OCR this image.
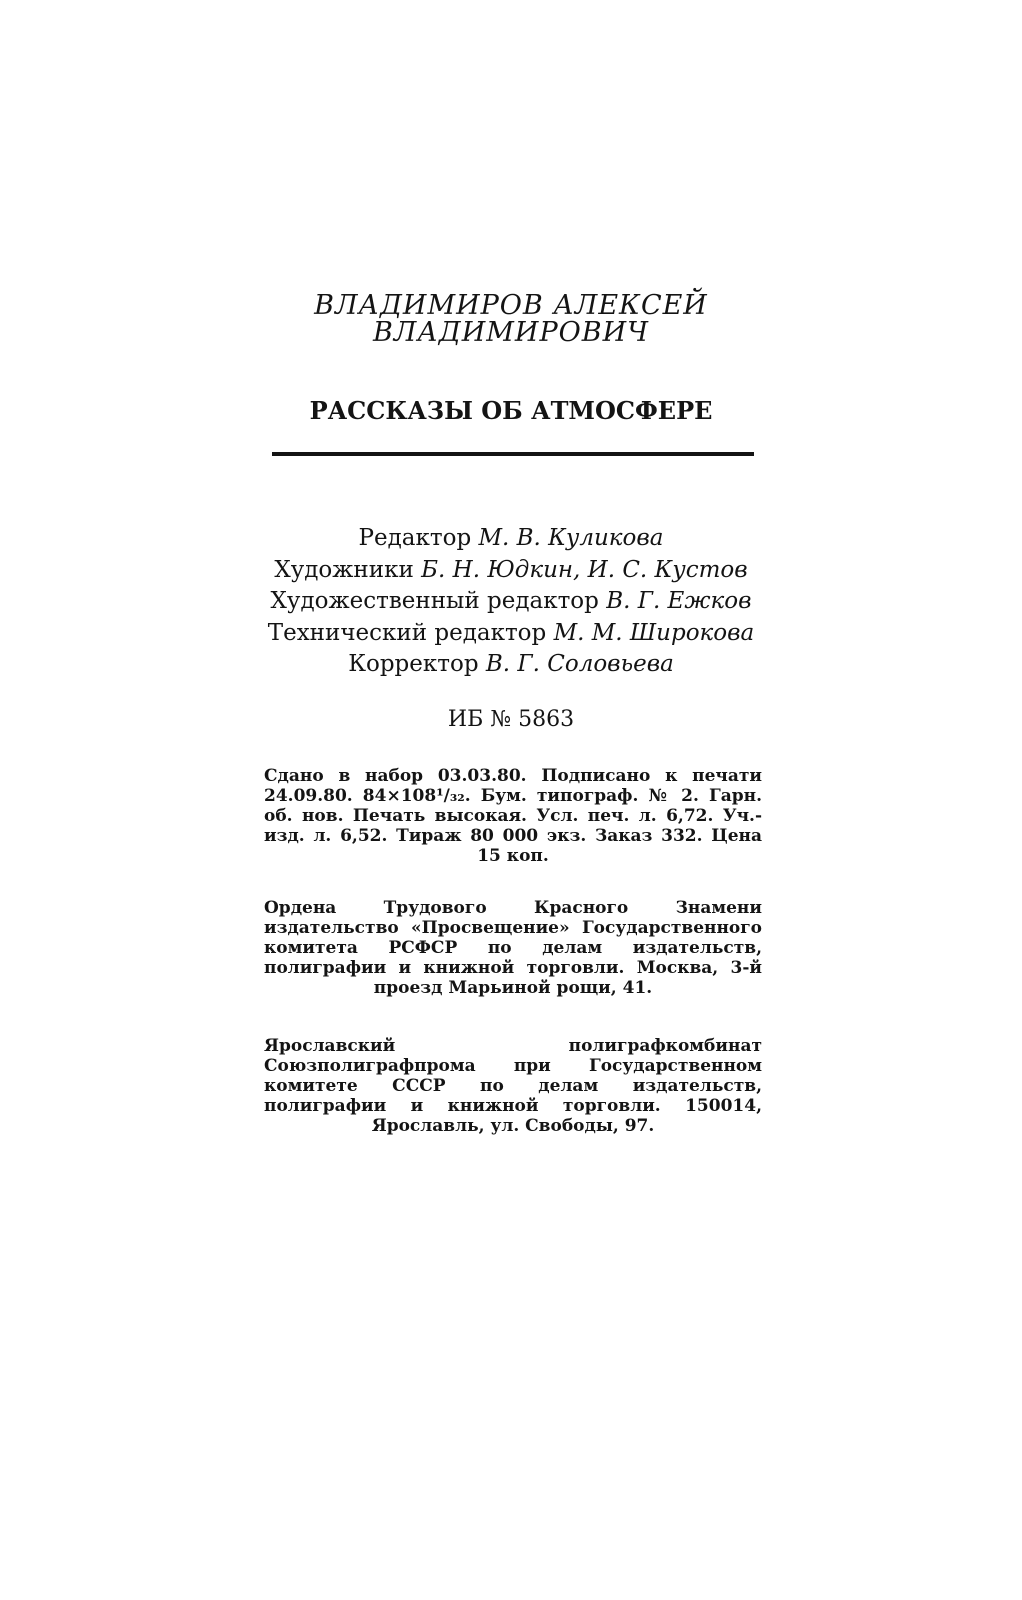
ВЛАДИМИРОВ АЛЕКСЕЙ
ВЛАДИМИРОВИЧ
РАССКАЗЫ ОБ АТМОСФЕРЕ
Редактор М. В. Куликова
Художники Б. Н. Юдкин, И. С. Кустов
Художественный редактор В. Г. Ежков
Технический редактор М. М. Широкова
Корректор В. Г. Соловьева
ИБ № 5863

Сдано в набор 03.03.80. Подписано к печати 24.09.80. 84×108¹/₃₂. Бум. типограф. № 2. Гарн. об. нов. Печать высокая. Усл. печ. л. 6,72. Уч.-изд. л. 6,52. Тираж 80 000 экз. Заказ 332. Цена 15 коп.

Ордена Трудового Красного Знамени издательство «Просвещение» Государственного комитета РСФСР по делам издательств, полиграфии и книжной торговли. Москва, 3-й проезд Марьиной рощи, 41.

Ярославский полиграфкомбинат Союзполиграфпрома при Государственном комитете СССР по делам издательств, полиграфии и книжной торговли. 150014, Ярославль, ул. Свободы, 97.
